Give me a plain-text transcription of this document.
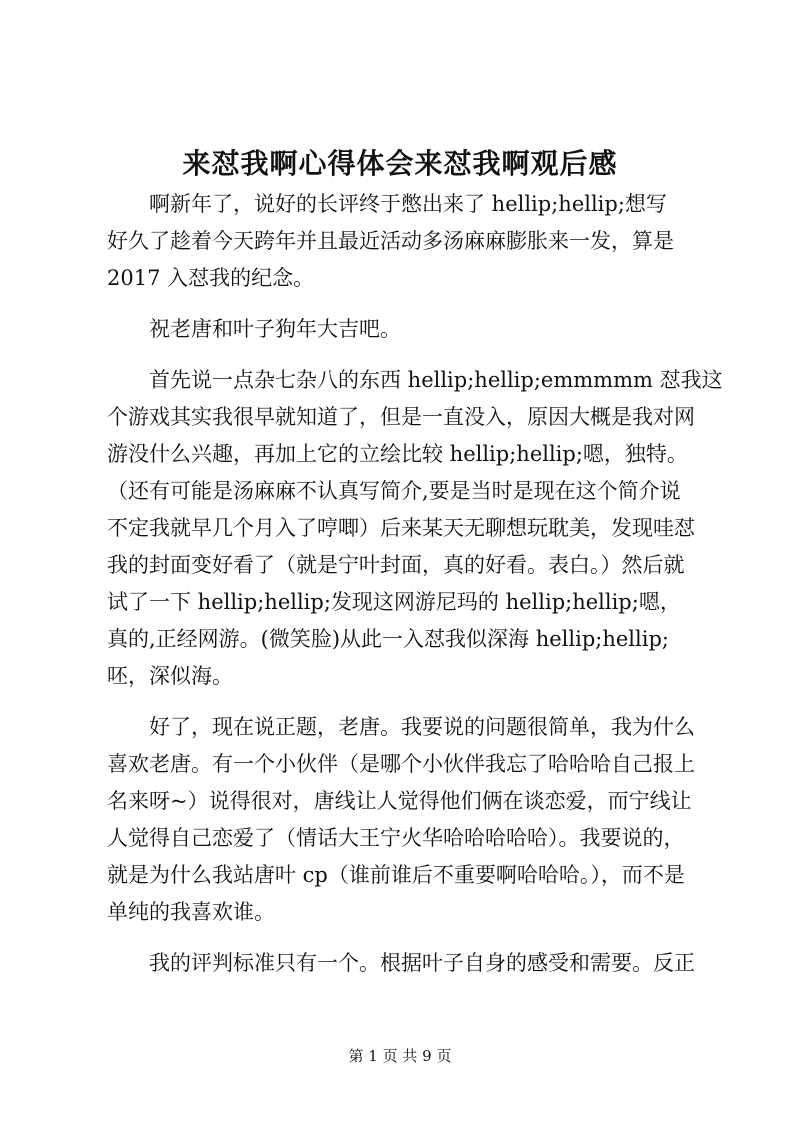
来怼我啊心得体会来怼我啊观后感
啊新年了，说好的长评终于憋出来了 hellip;hellip;想写
好久了趁着今天跨年并且最近活动多汤麻麻膨胀来一发，算是
2017 入怼我的纪念。
祝老唐和叶子狗年大吉吧。
首先说一点杂七杂八的东西 hellip;hellip;emmmmm 怼我这
个游戏其实我很早就知道了，但是一直没入，原因大概是我对网
游没什么兴趣，再加上它的立绘比较 hellip;hellip;嗯，独特。
（还有可能是汤麻麻不认真写简介,要是当时是现在这个简介说
不定我就早几个月入了哼唧）后来某天无聊想玩耽美，发现哇怼
我的封面变好看了（就是宁叶封面，真的好看。表白。）然后就
试了一下 hellip;hellip;发现这网游尼玛的 hellip;hellip;嗯，
真的,正经网游。(微笑脸)从此一入怼我似深海 hellip;hellip;
呸，深似海。
好了，现在说正题，老唐。我要说的问题很简单，我为什么
喜欢老唐。有一个小伙伴（是哪个小伙伴我忘了哈哈哈自己报上
名来呀~）说得很对，唐线让人觉得他们俩在谈恋爱，而宁线让
人觉得自己恋爱了（情话大王宁火华哈哈哈哈哈）。我要说的，
就是为什么我站唐叶 cp（谁前谁后不重要啊哈哈哈。），而不是
单纯的我喜欢谁。
我的评判标准只有一个。根据叶子自身的感受和需要。反正
第 1 页 共 9 页
